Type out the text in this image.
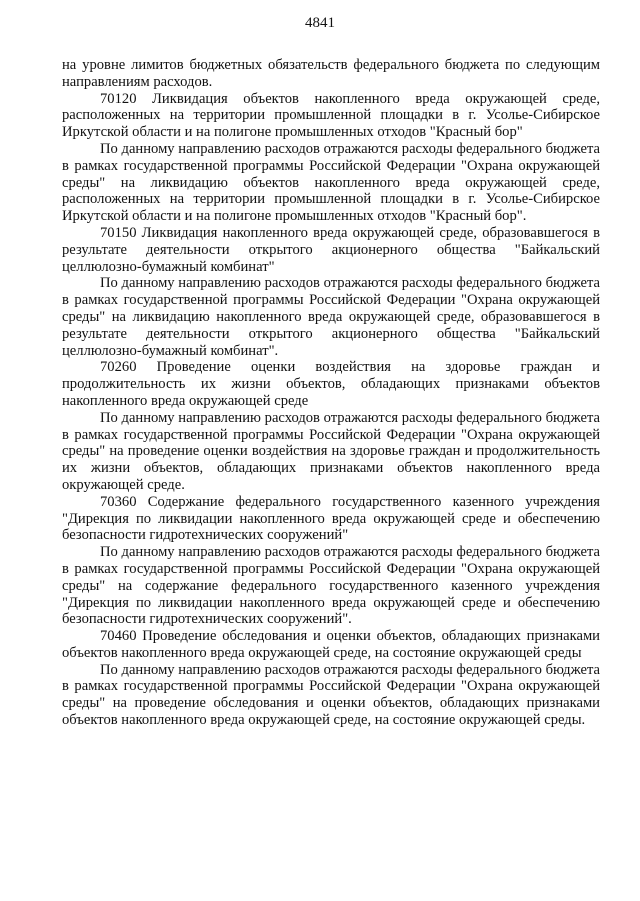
4841

на уровне лимитов бюджетных обязательств федерального бюджета по следующим направлениям расходов.

70120 Ликвидация объектов накопленного вреда окружающей среде, расположенных на территории промышленной площадки в г. Усолье-Сибирское Иркутской области и на полигоне промышленных отходов "Красный бор"

По данному направлению расходов отражаются расходы федерального бюджета в рамках государственной программы Российской Федерации "Охрана окружающей среды" на ликвидацию объектов накопленного вреда окружающей среде, расположенных на территории промышленной площадки в г. Усолье-Сибирское Иркутской области и на полигоне промышленных отходов "Красный бор".

70150 Ликвидация накопленного вреда окружающей среде, образовавшегося в результате деятельности открытого акционерного общества "Байкальский целлюлозно-бумажный комбинат"

По данному направлению расходов отражаются расходы федерального бюджета в рамках государственной программы Российской Федерации "Охрана окружающей среды" на ликвидацию накопленного вреда окружающей среде, образовавшегося в результате деятельности открытого акционерного общества "Байкальский целлюлозно-бумажный комбинат".

70260 Проведение оценки воздействия на здоровье граждан и продолжительность их жизни объектов, обладающих признаками объектов накопленного вреда окружающей среде

По данному направлению расходов отражаются расходы федерального бюджета в рамках государственной программы Российской Федерации "Охрана окружающей среды" на проведение оценки воздействия на здоровье граждан и продолжительность их жизни объектов, обладающих признаками объектов накопленного вреда окружающей среде.

70360 Содержание федерального государственного казенного учреждения "Дирекция по ликвидации накопленного вреда окружающей среде и обеспечению безопасности гидротехнических сооружений"

По данному направлению расходов отражаются расходы федерального бюджета в рамках государственной программы Российской Федерации "Охрана окружающей среды" на содержание федерального государственного казенного учреждения "Дирекция по ликвидации накопленного вреда окружающей среде и обеспечению безопасности гидротехнических сооружений".

70460 Проведение обследования и оценки объектов, обладающих признаками объектов накопленного вреда окружающей среде, на состояние окружающей среды

По данному направлению расходов отражаются расходы федерального бюджета в рамках государственной программы Российской Федерации "Охрана окружающей среды" на проведение обследования и оценки объектов, обладающих признаками объектов накопленного вреда окружающей среде, на состояние окружающей среды.
